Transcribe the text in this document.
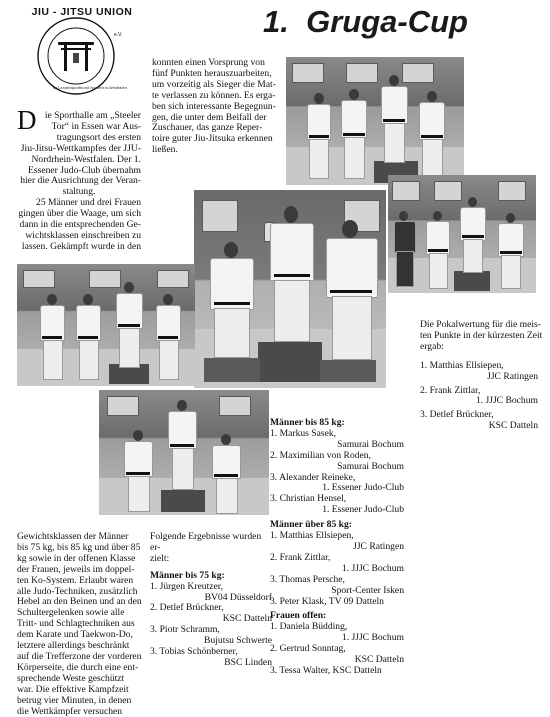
JIU - JITSU UNION
e.V.
im Landessportbund Nordrhein-Westfalen
1.  Gruga-Cup
D ie Sporthalle am „Steeler
Tor“ in Essen war Aus-
tragungsort des ersten
Jiu-Jitsu-Wettkampfes der JJU-
Nordrhein-Westfalen. Der 1.
Essener Judo-Club übernahm
hier die Ausrichtung der Veran-
staltung.
25 Männer und drei Frauen
gingen über die Waage, um sich
dann in die entsprechenden Ge-
wichtsklassen einschreiben zu
lassen. Gekämpft wurde in den
konnten einen Vorsprung von
fünf Punkten herauszuarbeiten,
um vorzeitig als Sieger die Mat-
te verlassen zu können. Es erga-
ben sich interessante Begegnun-
gen, die unter dem Beifall der
Zuschauer, das ganze Reper-
toire guter Jiu-Jitsuka erkennen
ließen.
Die Pokalwertung für die meis-
ten Punkte in der kürzesten Zeit
ergab:
1. Matthias Ellsiepen,
JJC Ratingen
2. Frank Zittlar,
1. JJJC Bochum
3. Detlef Brückner,
KSC Datteln
Männer bis 85 kg:
1. Markus Sasek,
Samurai Bochum
2. Maximilian von Roden,
Samurai Bochum
3. Alexander Reineke,
1. Essener Judo-Club
3. Christian Hensel,
1. Essener Judo-Club
Männer über 85 kg:
1. Matthias Ellsiepen,
JJC Ratingen
2. Frank Zittlar,
1. JJJC Bochum
3. Thomas Persche,
Sport-Center Isken
3. Peter Klask, TV 09 Datteln
Frauen offen:
1. Daniela Büdding,
1. JJJC Bochum
2. Gertrud Sonntag,
KSC Datteln
3. Tessa Walter, KSC Datteln
Gewichtsklassen der Männer
bis 75 kg, bis 85 kg und über 85
kg sowie in der offenen Klasse
der Frauen, jeweils im doppel-
ten Ko-System. Erlaubt waren
alle Judo-Techniken, zusätzlich
Hebel an den Beinen und an den
Schultergelenken sowie alle
Tritt- und Schlagtechniken aus
dem Karate und Taekwon-Do,
letztere allerdings beschränkt
auf die Trefferzone der vorderen
Körperseite, die durch eine ent-
sprechende Weste geschützt
war. Die effektive Kampfzeit
betrug vier Minuten, in denen
die Wettkämpfer versuchen
Folgende Ergebnisse wurden er-
zielt:
Männer bis 75 kg:
1. Jürgen Kreutzer,
BV04 Düsseldorf
2. Detlef Brückner,
KSC Datteln
3. Piotr Schramm,
Bujutsu Schwerte
3. Tobias Schönberner,
BSC Linden
